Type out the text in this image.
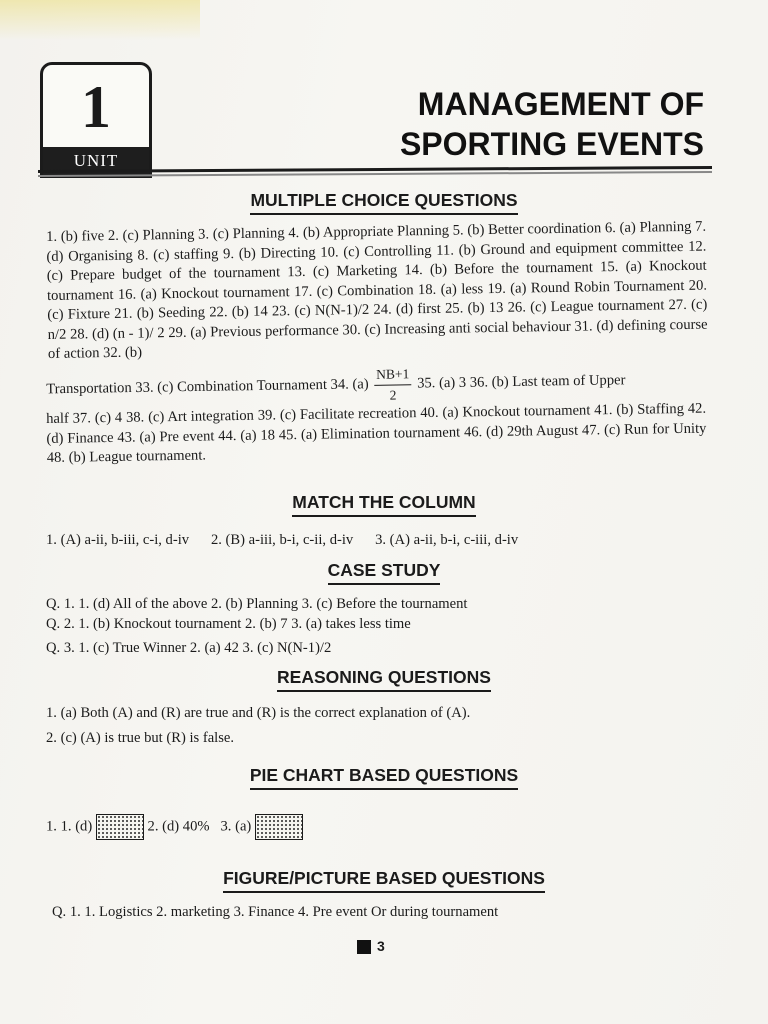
1
UNIT
MANAGEMENT OF
SPORTING EVENTS
MULTIPLE CHOICE QUESTIONS
1. (b) five 2. (c) Planning 3. (c) Planning 4. (b) Appropriate Planning 5. (b) Better coordination 6. (a) Planning 7. (d) Organising 8. (c) staffing 9. (b) Directing 10. (c) Controlling 11. (b) Ground and equipment committee 12. (c) Prepare budget of the tournament 13. (c) Marketing 14. (b) Before the tournament 15. (a) Knockout tournament 16. (a) Knockout tournament 17. (c) Combination 18. (a) less 19. (a) Round Robin Tournament 20. (c) Fixture 21. (b) Seeding 22. (b) 14 23. (c) N(N-1)/2 24. (d) first 25. (b) 13 26. (c) League tournament 27. (c) n/2 28. (d) (n - 1)/ 2 29. (a) Previous performance 30. (c) Increasing anti social behaviour 31. (d) defining course of action 32. (b)
Transportation 33. (c) Combination Tournament 34. $(a) \frac{NB+1}{2} 35$. (a) 3 36. (b) Last team of Upper
half 37. (c) 4 38. (c) Art integration 39. (c) Facilitate recreation 40. (a) Knockout tournament 41. (b) Staffing 42. (d) Finance 43. (a) Pre event 44. (a) 18 45. (a) Elimination tournament 46. (d) 29th August 47. (c) Run for Unity 48. (b) League tournament.
MATCH THE COLUMN
1. (A) a-ii, b-iii, c-i, d-iv      2. (B) a-iii, b-i, c-ii, d-iv      3. (A) a-ii, b-i, c-iii, d-iv
CASE STUDY
Q. 1. 1. (d) All of the above 2. (b) Planning 3. (c) Before the tournament
Q. 2. 1. (b) Knockout tournament 2. (b) 7 3. (a) takes less time
Q. 3. 1. (c) True Winner 2. (a) 42 3. (c) N(N-1)/2
REASONING QUESTIONS
1. (a) Both (A) and (R) are true and (R) is the correct explanation of (A).
2. (c) (A) is true but (R) is false.
PIE CHART BASED QUESTIONS
1. 1. (d)	2. (d) 40% 3. (a)
FIGURE/PICTURE BASED QUESTIONS
Q. 1. 1. Logistics 2. marketing 3. Finance 4. Pre event Or during tournament
3
